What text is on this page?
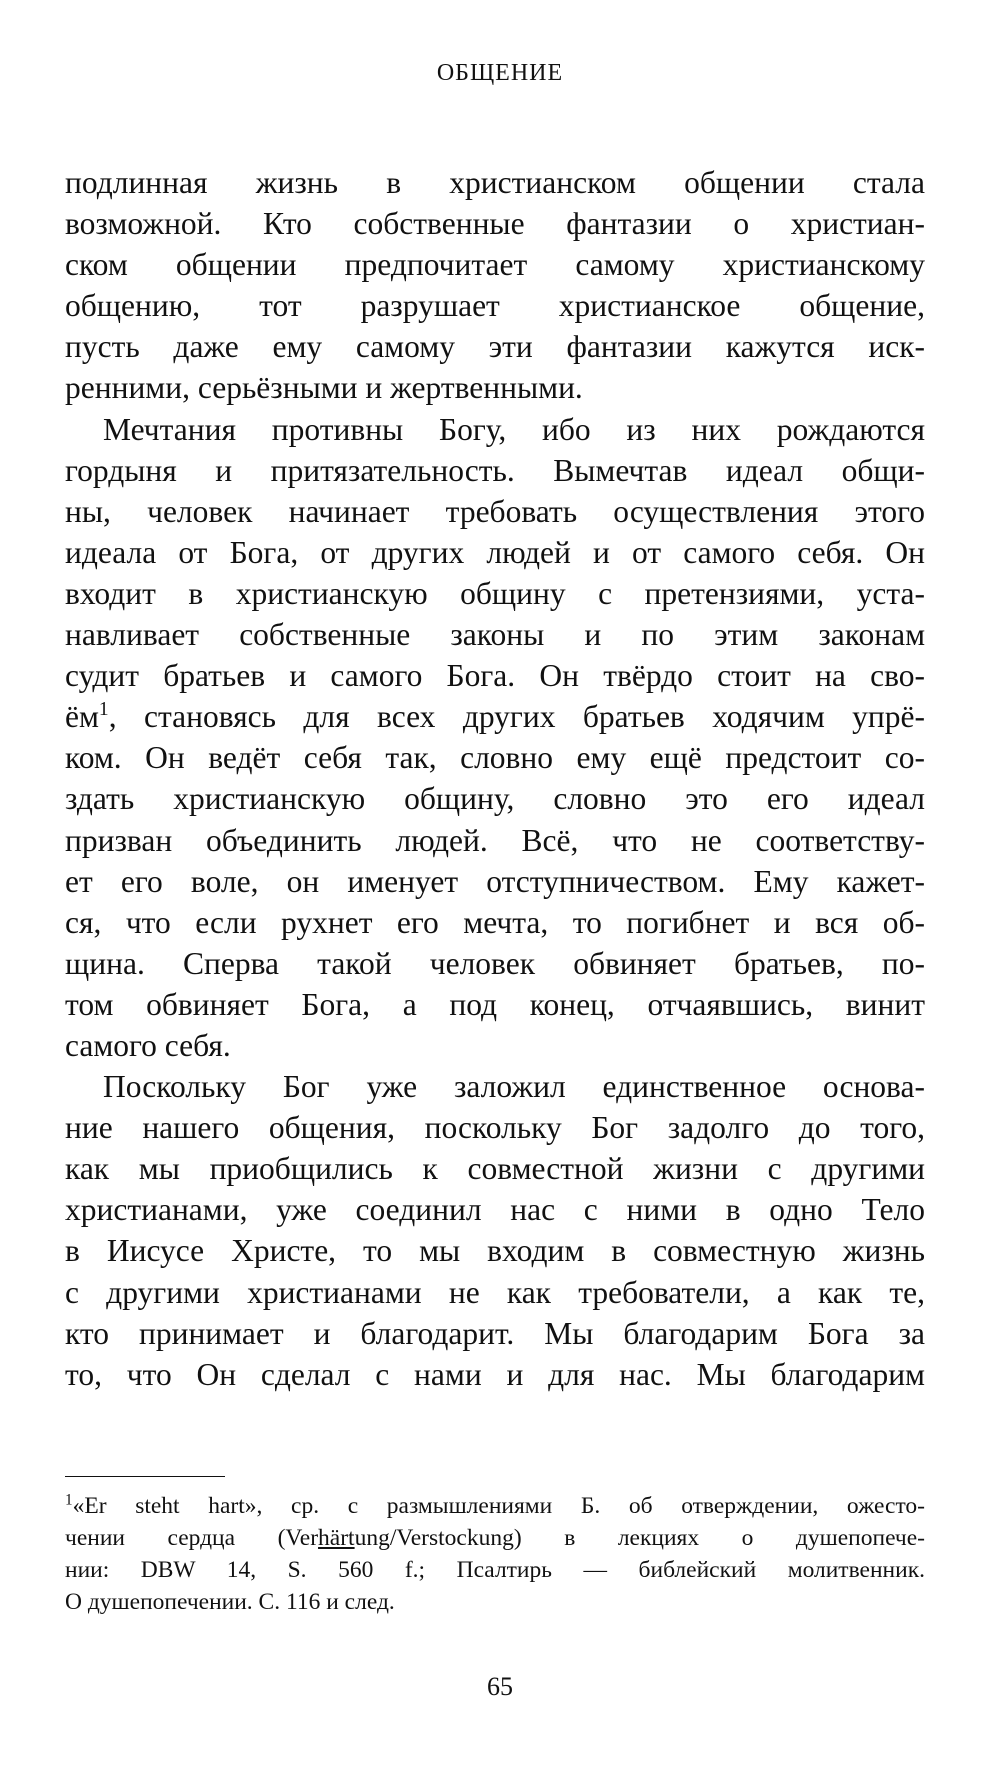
ОБЩЕНИЕ
подлинная жизнь в христианском общении стала
возможной. Кто собственные фантазии о христиан-
ском общении предпочитает самому христианскому
общению, тот разрушает христианское общение,
пусть даже ему самому эти фантазии кажутся иск-
ренними, серьёзными и жертвенными.
Мечтания противны Богу, ибо из них рождаются
гордыня и притязательность. Вымечтав идеал общи-
ны, человек начинает требовать осуществления этого
идеала от Бога, от других людей и от самого себя. Он
входит в христианскую общину с претензиями, уста-
навливает собственные законы и по этим законам
судит братьев и самого Бога. Он твёрдо стоит на сво-
$ём^1$, становясь для всех других братьев ходячим упрё-
ком. Он ведёт себя так, словно ему ещё предстоит со-
здать христианскую общину, словно это его идеал
призван объединить людей. Всё, что не соответству-
ет его воле, он именует отступничеством. Ему кажет-
ся, что если рухнет его мечта, то погибнет и вся об-
щина. Сперва такой человек обвиняет братьев, по-
том обвиняет Бога, а под конец, отчаявшись, винит
самого себя.
Поскольку Бог уже заложил единственное основа-
ние нашего общения, поскольку Бог задолго до того,
как мы приобщились к совместной жизни с другими
христианами, уже соединил нас с ними в одно Тело
в Иисусе Христе, то мы входим в совместную жизнь
с другими христианами не как требователи, а как те,
кто принимает и благодарит. Мы благодарим Бога за
то, что Он сделал с нами и для нас. Мы благодарим
$^1$«Er steht hart», ср. с размышлениями Б. об отверждении, ожесто-
чении сердца (Verhärtung/Verstockung) в лекциях о душепопече-
нии: DBW 14, S. 560 f.; Псалтирь — библейский молитвенник.
О душепопечении. С. 116 и след.
65
